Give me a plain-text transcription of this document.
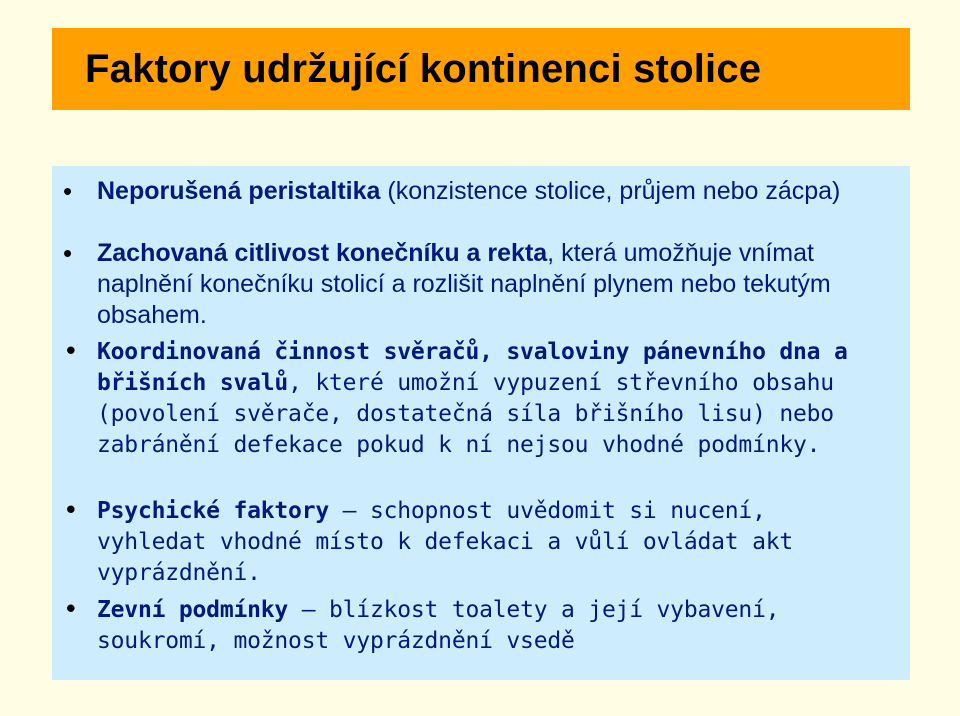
Faktory udržující kontinenci stolice
• Neporušená peristaltika (konzistence stolice, průjem nebo zácpa)
• Zachovaná citlivost konečníku a rekta, která umožňuje vnímat naplnění konečníku stolicí a rozlišit naplnění plynem nebo tekutým obsahem.
• Koordinovaná činnost svěračů, svaloviny pánevního dna a břišních svalů, které umožní vypuzení střevního obsahu (povolení svěrače, dostatečná síla břišního lisu) nebo zabránění defekace pokud k ní nejsou vhodné podmínky.
• Psychické faktory – schopnost uvědomit si nucení, vyhledat vhodné místo k defekaci a vůlí ovládat akt vyprázdnění.
• Zevní podmínky – blízkost toalety a její vybavení, soukromí, možnost vyprázdnění vsedě
